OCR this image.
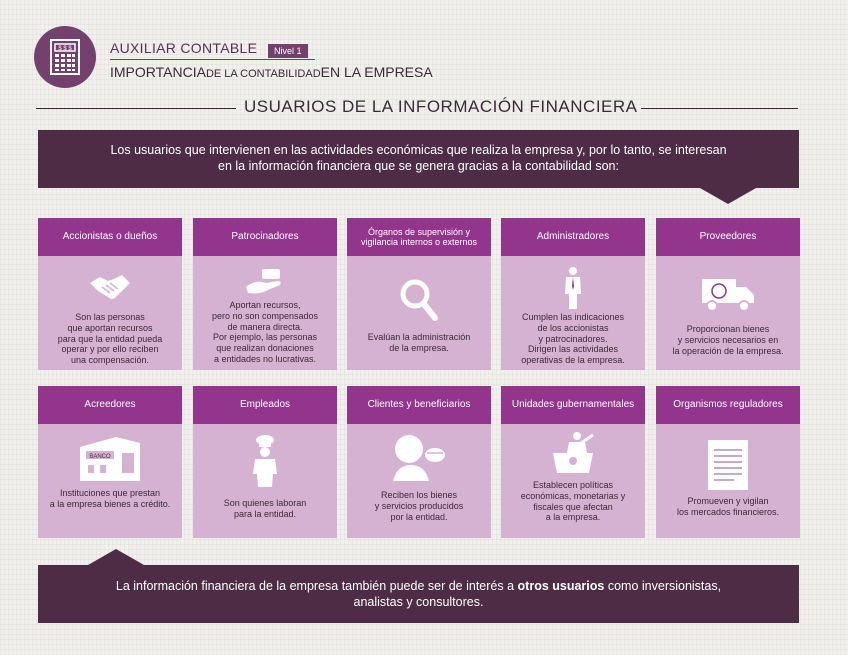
$ $ $	AUXILIAR CONTABLE	Nivel 1
IMPORTANCIADE LA CONTABILIDADEN LA EMPRESA
USUARIOS DE LA INFORMACIÓN FINANCIERA
Los usuarios que intervienen en las actividades económicas que realiza la empresa y, por lo tanto, se interesan en la información financiera que se genera gracias a la contabilidad son:
Accionistas o dueños
Son las personas
que aportan recursos
para que la entidad pueda
operar y por ello reciben
una compensación.
Patrocinadores
Aportan recursos,
pero no son compensados
de manera directa.
Por ejemplo, las personas
que realizan donaciones
a entidades no lucrativas.
Órganos de supervisión y vigilancia internos o externos
Evalúan la administración
de la empresa.
Administradores
Cumplen las indicaciones
de los accionistas
y patrocinadores.
Dirigen las actividades
operativas de la empresa.
Proveedores
Proporcionan bienes
y servicios necesarios en
la operación de la empresa.
Acreedores
BANCO
Instituciones que prestan
a la empresa bienes a crédito.
Empleados
Son quienes laboran
para la entidad.
Clientes y beneficiarios
Reciben los bienes
y servicios producidos
por la entidad.
Unidades gubernamentales
Establecen políticas
económicas, monetarias y
fiscales que afectan
a la empresa.
Organismos reguladores
Promueven y vigilan
los mercados financieros.
La información financiera de la empresa también puede ser de interés a otros usuarios como inversionistas,
analistas y consultores.
